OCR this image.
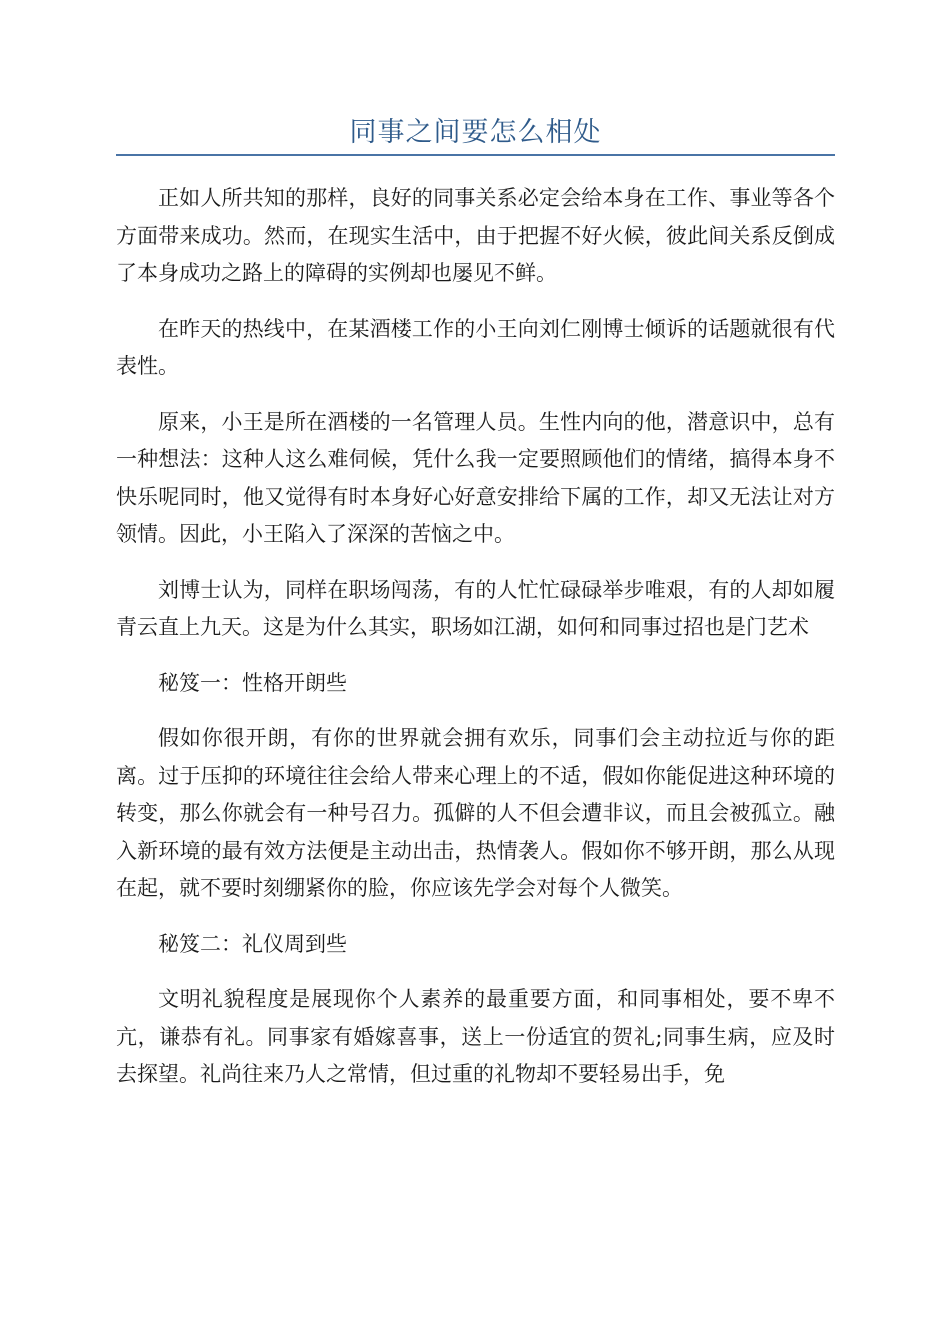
同事之间要怎么相处

正如人所共知的那样，良好的同事关系必定会给本身在工作、事业等各个方面带来成功。然而，在现实生活中，由于把握不好火候，彼此间关系反倒成了本身成功之路上的障碍的实例却也屡见不鲜。

在昨天的热线中，在某酒楼工作的小王向刘仁刚博士倾诉的话题就很有代表性。

原来，小王是所在酒楼的一名管理人员。生性内向的他，潜意识中，总有一种想法：这种人这么难伺候，凭什么我一定要照顾他们的情绪，搞得本身不快乐呢同时，他又觉得有时本身好心好意安排给下属的工作，却又无法让对方领情。因此，小王陷入了深深的苦恼之中。

刘博士认为，同样在职场闯荡，有的人忙忙碌碌举步唯艰，有的人却如履青云直上九天。这是为什么其实，职场如江湖，如何和同事过招也是门艺术

秘笈一：性格开朗些

假如你很开朗，有你的世界就会拥有欢乐，同事们会主动拉近与你的距离。过于压抑的环境往往会给人带来心理上的不适，假如你能促进这种环境的转变，那么你就会有一种号召力。孤僻的人不但会遭非议，而且会被孤立。融入新环境的最有效方法便是主动出击，热情袭人。假如你不够开朗，那么从现在起，就不要时刻绷紧你的脸，你应该先学会对每个人微笑。

秘笈二：礼仪周到些

文明礼貌程度是展现你个人素养的最重要方面，和同事相处，要不卑不亢，谦恭有礼。同事家有婚嫁喜事，送上一份适宜的贺礼;同事生病，应及时去探望。礼尚往来乃人之常情，但过重的礼物却不要轻易出手，免
